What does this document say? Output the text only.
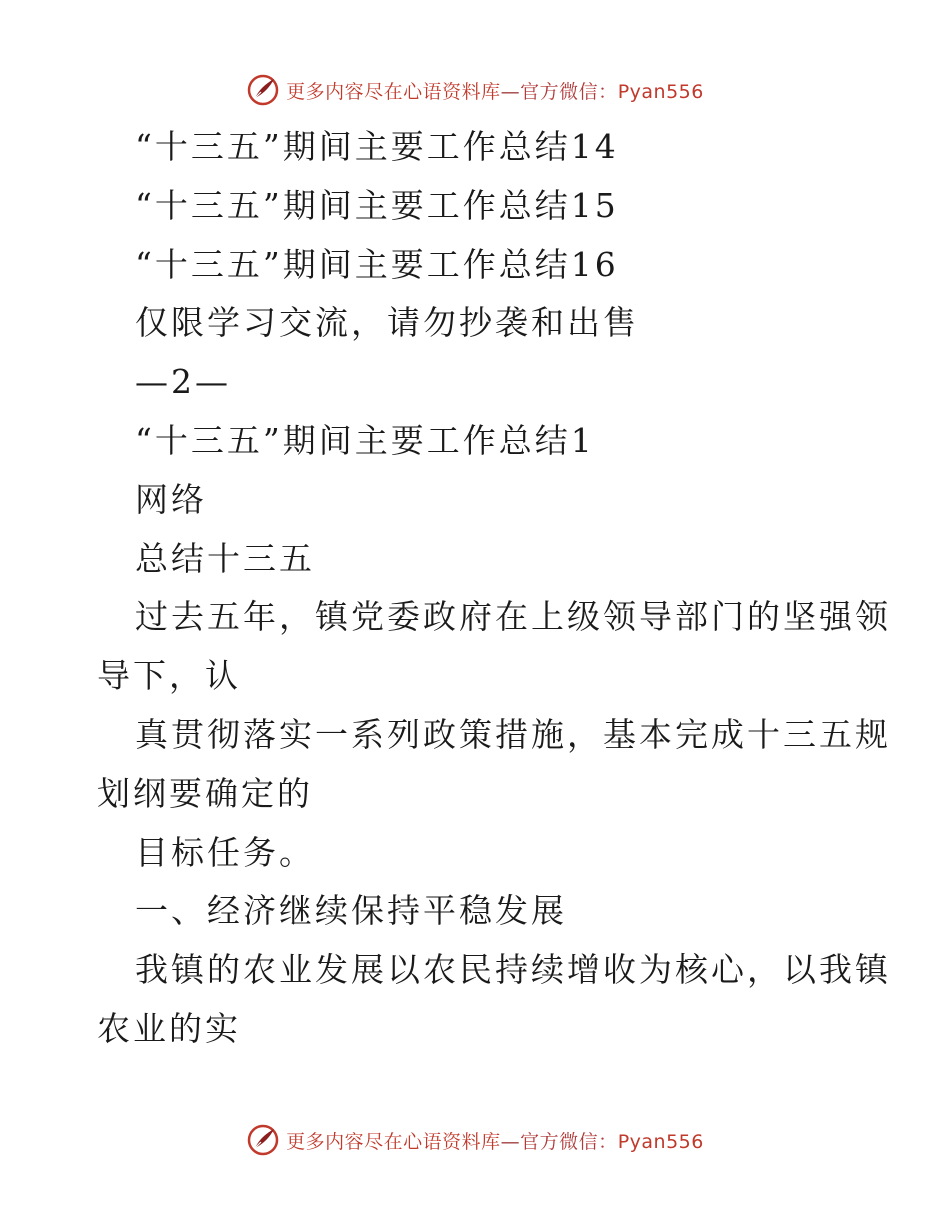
更多内容尽在心语资料库—官方微信：Pyan556
“十三五”期间主要工作总结14
“十三五”期间主要工作总结15
“十三五”期间主要工作总结16
仅限学习交流，请勿抄袭和出售
—2—
“十三五”期间主要工作总结1
网络
总结十三五
过去五年，镇党委政府在上级领导部门的坚强领
导下，认
真贯彻落实一系列政策措施，基本完成十三五规
划纲要确定的
目标任务。
一、经济继续保持平稳发展
我镇的农业发展以农民持续增收为核心，以我镇
农业的实
更多内容尽在心语资料库—官方微信：Pyan556
